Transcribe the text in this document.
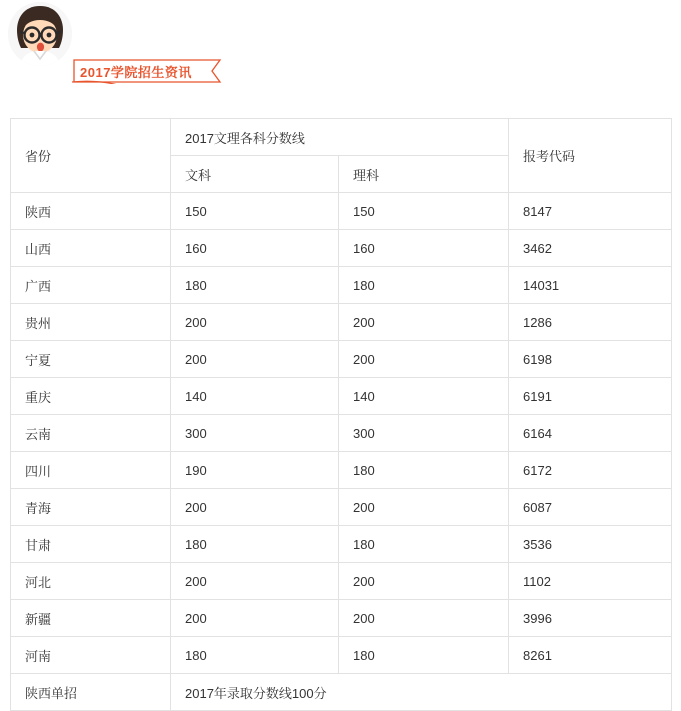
2017学院招生资讯
省份	2017文理各科分数线		报考代码
	文科	理科	
陕西	150	150	8147
山西	160	160	3462
广西	180	180	14031
贵州	200	200	1286
宁夏	200	200	6198
重庆	140	140	6191
云南	300	300	6164
四川	190	180	6172
青海	200	200	6087
甘肃	180	180	3536
河北	200	200	1102
新疆	200	200	3996
河南	180	180	8261
陕西单招	2017年录取分数线100分		
